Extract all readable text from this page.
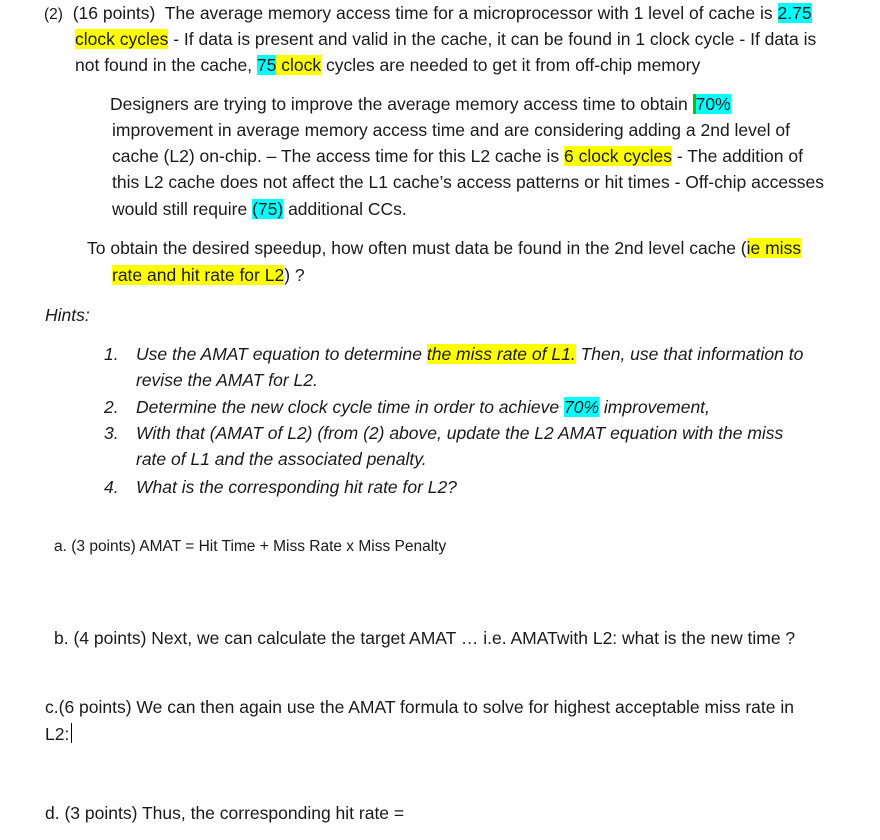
(2) (16 points) The average memory access time for a microprocessor with 1 level of cache is 2.75
clock cycles - If data is present and valid in the cache, it can be found in 1 clock cycle - If data is
not found in the cache, 75 clock cycles are needed to get it from off-chip memory
Designers are trying to improve the average memory access time to obtain 70%
improvement in average memory access time and are considering adding a 2nd level of
cache (L2) on-chip. – The access time for this L2 cache is 6 clock cycles - The addition of
this L2 cache does not affect the L1 cache’s access patterns or hit times - Off-chip accesses
would still require (75) additional CCs.
To obtain the desired speedup, how often must data be found in the 2nd level cache (ie miss
rate and hit rate for L2) ?
Hints:
1. Use the AMAT equation to determine the miss rate of L1. Then, use that information to
revise the AMAT for L2.
2. Determine the new clock cycle time in order to achieve 70% improvement,
3. With that (AMAT of L2) (from (2) above, update the L2 AMAT equation with the miss
rate of L1 and the associated penalty.
4. What is the corresponding hit rate for L2?
a. (3 points) AMAT = Hit Time + Miss Rate x Miss Penalty
b. (4 points) Next, we can calculate the target AMAT … i.e. AMATwith L2: what is the new time ?
c.(6 points) We can then again use the AMAT formula to solve for highest acceptable miss rate in
L2:
d. (3 points) Thus, the corresponding hit rate =
